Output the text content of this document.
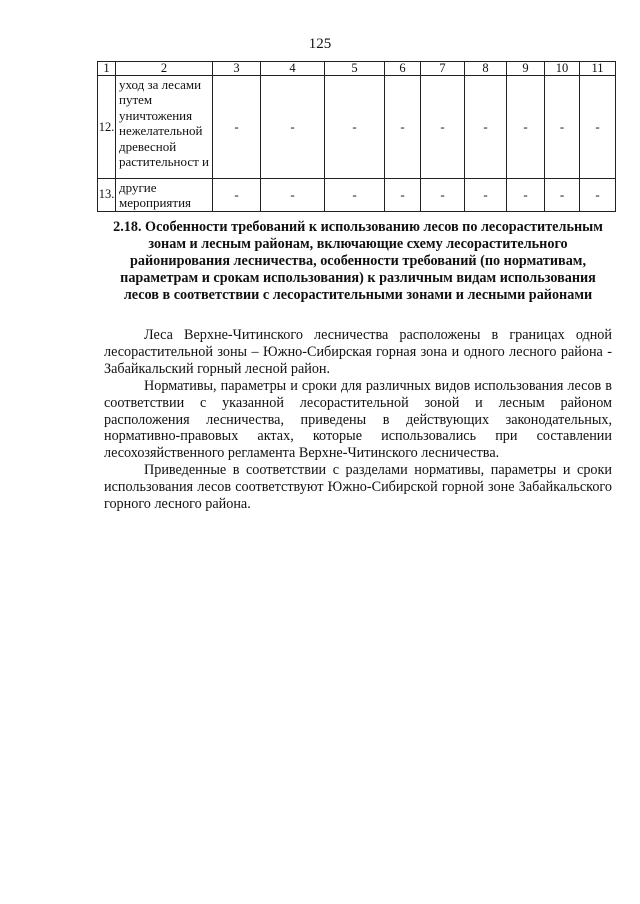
125
1	2	3	4	5	6	7	8	9	10	11
12.	уход за лесами путем уничтожения нежелательной древесной растительност и	-	-	-	-	-	-	-	-	-
13.	другие мероприятия	-	-	-	-	-	-	-	-	-
2.18. Особенности требований к использованию лесов по лесорастительным зонам и лесным районам, включающие схему лесорастительного районирования лесничества, особенности требований (по нормативам, параметрам и срокам использования) к различным видам использования лесов в соответствии с лесорастительными зонами и лесными районами

Леса Верхне-Читинского лесничества расположены в границах одной лесорастительной зоны – Южно-Сибирская горная зона и одного лесного района - Забайкальский горный лесной район.

Нормативы, параметры и сроки для различных видов использования лесов в соответствии с указанной лесорастительной зоной и лесным районом расположения лесничества, приведены в действующих законодательных, нормативно-правовых актах, которые использовались при составлении лесохозяйственного регламента Верхне-Читинского лесничества.

Приведенные в соответствии с разделами нормативы, параметры и сроки использования лесов соответствуют Южно-Сибирской горной зоне Забайкальского горного лесного района.
